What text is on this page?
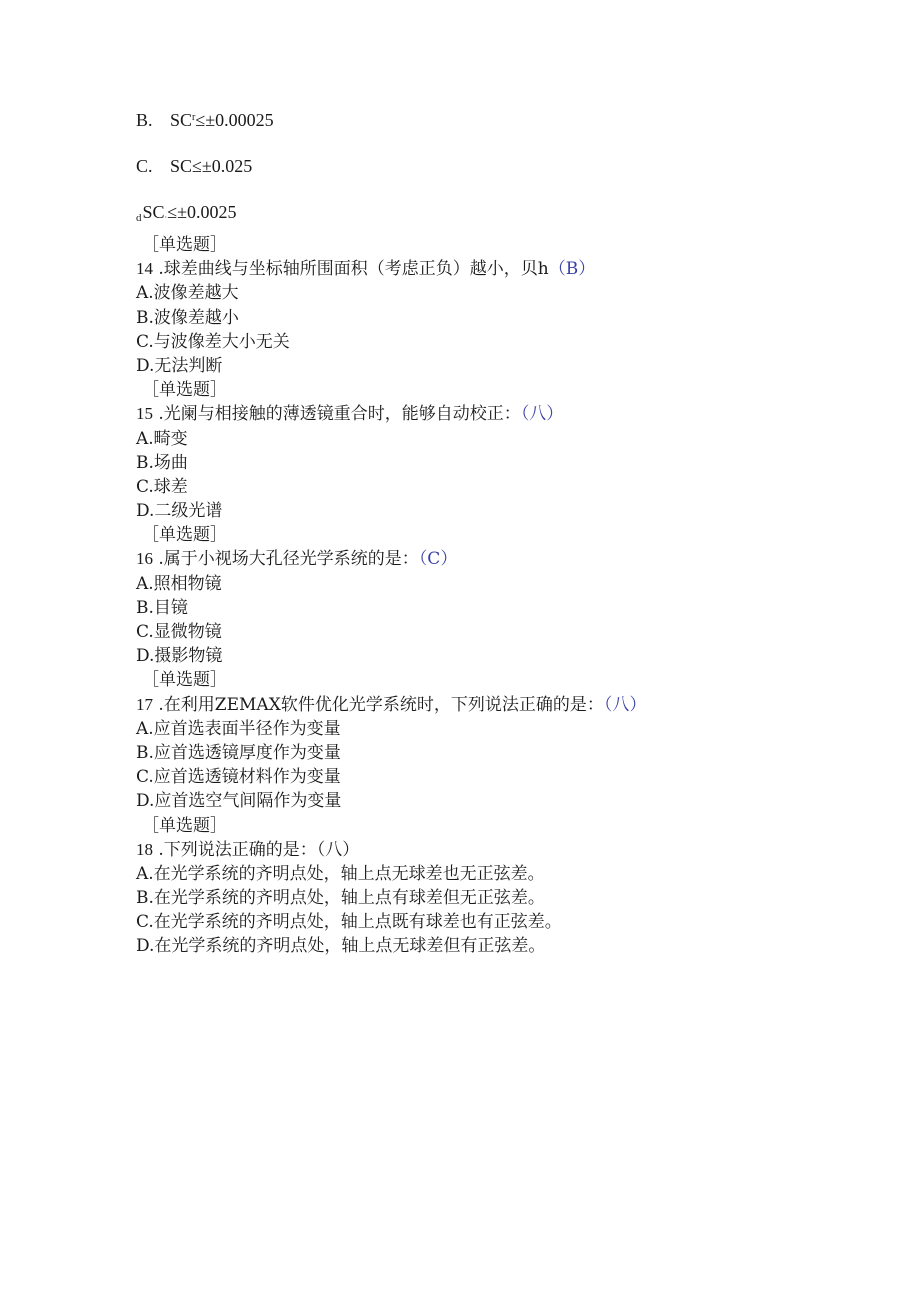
B. $SC^r\le\pm 0.00025$
C. SC≤±0.025
dSC$_\cdot$≤±0.0025
［单选题］
14 .球差曲线与坐标轴所围面积（考虑正负）越小，贝h（B）
A.波像差越大
B.波像差越小
C.与波像差大小无关
D.无法判断
［单选题］
15 .光阑与相接触的薄透镜重合时，能够自动校正：（八）
A.畸变
B.场曲
C.球差
D.二级光谱
［单选题］
16 .属于小视场大孔径光学系统的是：（C）
A.照相物镜
B.目镜
C.显微物镜
D.摄影物镜
［单选题］
17 .在利用ZEMAX软件优化光学系统时，下列说法正确的是：（八）
A.应首选表面半径作为变量
B.应首选透镜厚度作为变量
C.应首选透镜材料作为变量
D.应首选空气间隔作为变量
［单选题］
18 .下列说法正确的是：（八）
A.在光学系统的齐明点处，轴上点无球差也无正弦差。
B.在光学系统的齐明点处，轴上点有球差但无正弦差。
C.在光学系统的齐明点处，轴上点既有球差也有正弦差。
D.在光学系统的齐明点处，轴上点无球差但有正弦差。
